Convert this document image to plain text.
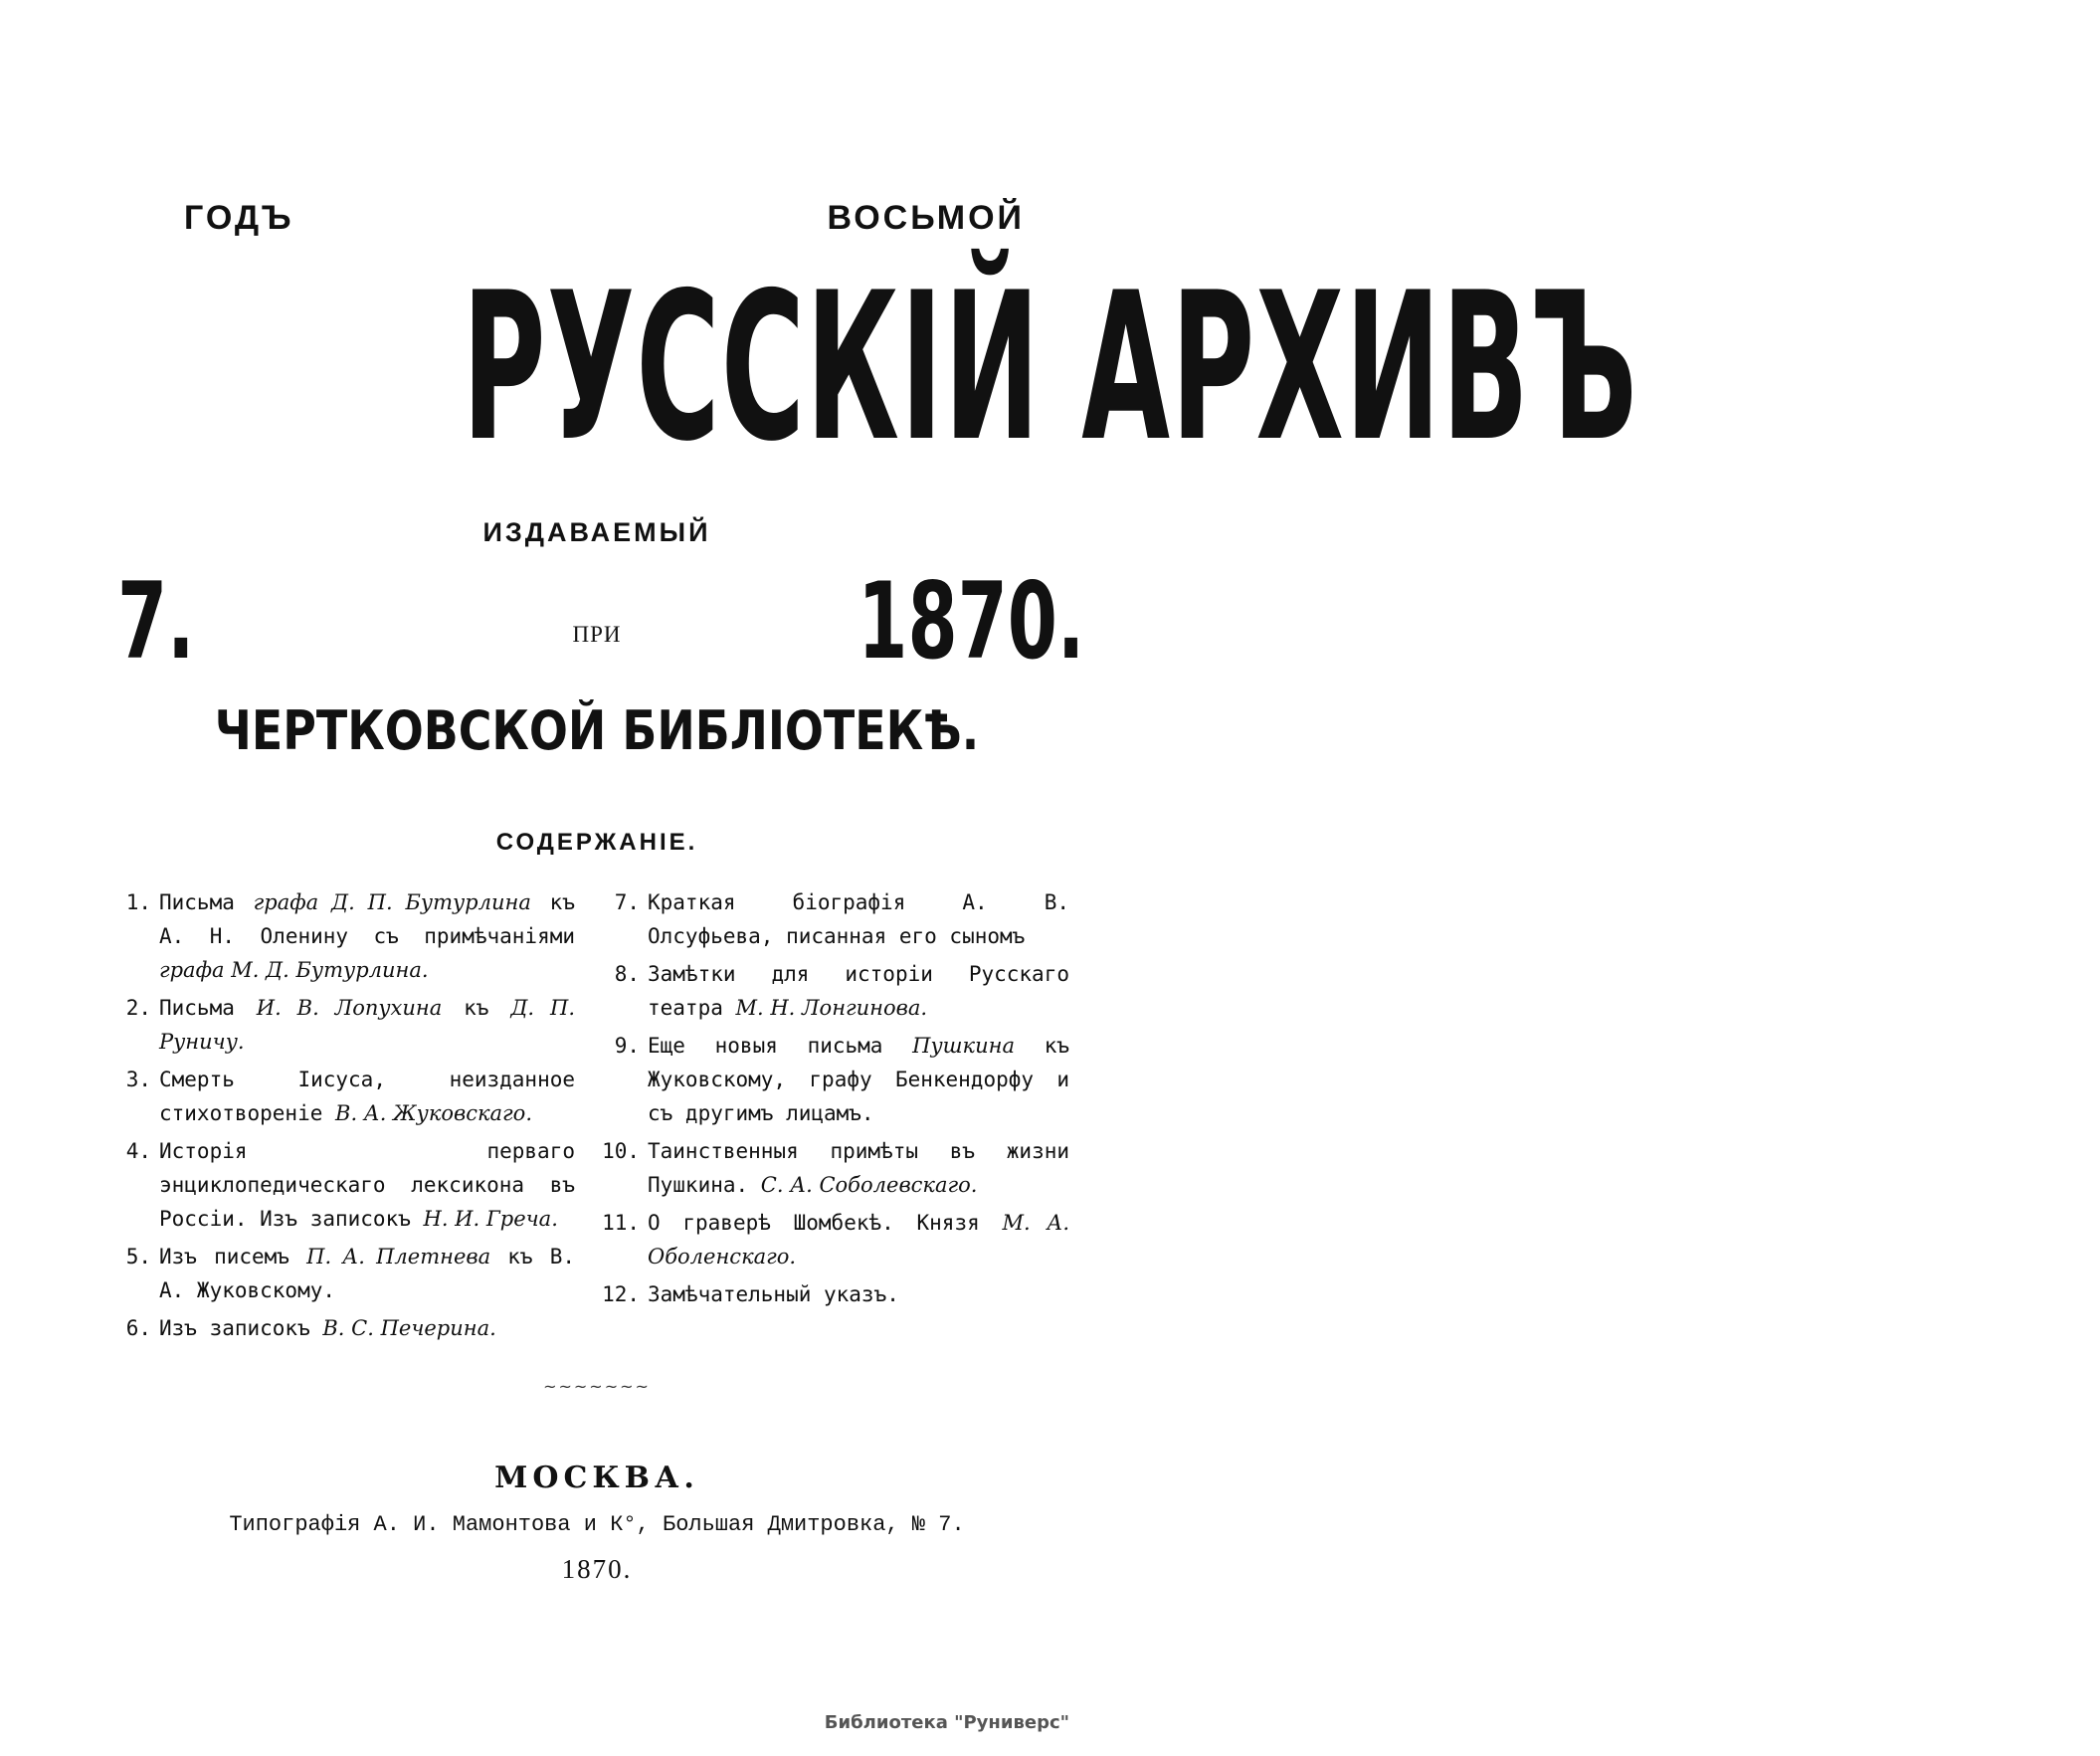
ГОДЪ	ВОСЬМОЙ
РУССКІЙ АРХИВЪ
ИЗДАВАЕМЫЙ
7.	ПРИ	1870.
ЧЕРТКОВСКОЙ БИБЛІОТЕКѢ.
СОДЕРЖАНІЕ.
1. Письма графа Д. П. Бутурлина къ А. Н. Оленину съ примѣчаніями графа М. Д. Бутурлина.
2. Письма И. В. Лопухина къ Д. П. Руничу.
3. Смерть Іисуса, неизданное стихотвореніе В. А. Жуковскаго.
4. Исторія перваго энциклопедическаго лексикона въ Россіи. Изъ записокъ Н. И. Греча.
5. Изъ писемъ П. А. Плетнева къ В. А. Жуковскому.
6. Изъ записокъ В. С. Печерина.
7. Краткая біографія А. В. Олсуфьева, писанная его сыномъ
8. Замѣтки для исторіи Русскаго театра М. Н. Лонгинова.
9. Еще новыя письма Пушкина къ Жуковскому, графу Бенкендорфу и съ другимъ лицамъ.
10. Таинственныя примѣты въ жизни Пушкина. С. А. Соболевскаго.
11. О граверѣ Шомбекѣ. Князя М. А. Оболенскаго.
12. Замѣчательный указъ.
~~~~~~~
МОСКВА.
Типографія А. И. Мамонтова и К°, Большая Дмитровка, № 7.
1870.
Библиотека "Руниверс"
